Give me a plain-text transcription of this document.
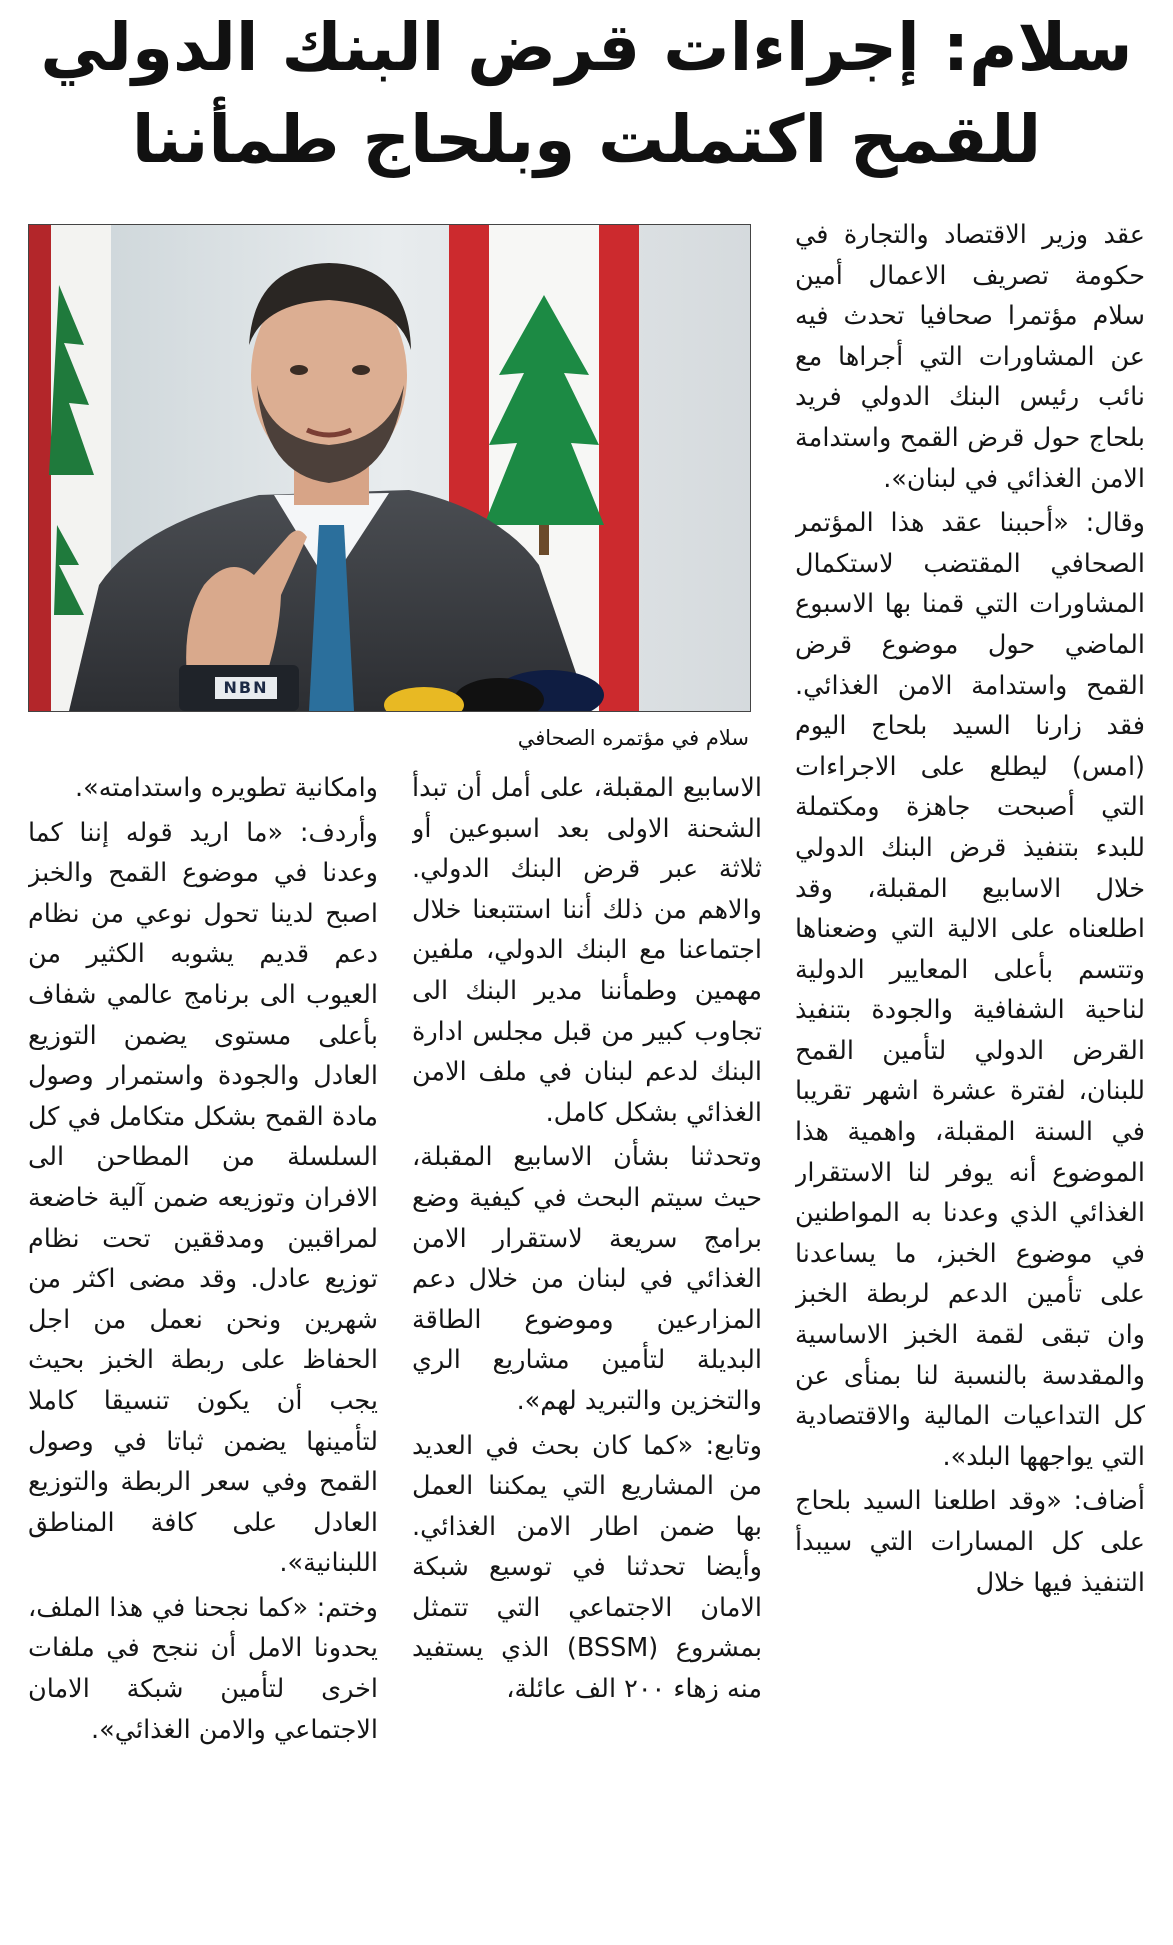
سلام: إجراءات قرض البنك الدولي
للقمح اكتملت وبلحاج طمأننا
NBN
سلام في مؤتمره الصحافي

عقد وزير الاقتصاد والتجارة في حكومة تصريف الاعمال أمين سلام مؤتمرا صحافيا تحدث فيه عن المشاورات التي أجراها مع نائب رئيس البنك الدولي فريد بلحاج حول قرض القمح واستدامة الامن الغذائي في لبنان».

وقال: «أحببنا عقد هذا المؤتمر الصحافي المقتضب لاستكمال المشاورات التي قمنا بها الاسبوع الماضي حول موضوع قرض القمح واستدامة الامن الغذائي. فقد زارنا السيد بلحاج اليوم (امس) ليطلع على الاجراءات التي أصبحت جاهزة ومكتملة للبدء بتنفيذ قرض البنك الدولي خلال الاسابيع المقبلة، وقد اطلعناه على الالية التي وضعناها وتتسم بأعلى المعايير الدولية لناحية الشفافية والجودة بتنفيذ القرض الدولي لتأمين القمح للبنان، لفترة عشرة اشهر تقريبا في السنة المقبلة، واهمية هذا الموضوع أنه يوفر لنا الاستقرار الغذائي الذي وعدنا به المواطنين في موضوع الخبز، ما يساعدنا على تأمين الدعم لربطة الخبز وان تبقى لقمة الخبز الاساسية والمقدسة بالنسبة لنا بمنأى عن كل التداعيات المالية والاقتصادية التي يواجهها البلد».

أضاف: «وقد اطلعنا السيد بلحاج على كل المسارات التي سيبدأ التنفيذ فيها خلال

الاسابيع المقبلة، على أمل أن تبدأ الشحنة الاولى بعد اسبوعين أو ثلاثة عبر قرض البنك الدولي. والاهم من ذلك أننا استتبعنا خلال اجتماعنا مع البنك الدولي، ملفين مهمين وطمأننا مدير البنك الى تجاوب كبير من قبل مجلس ادارة البنك لدعم لبنان في ملف الامن الغذائي بشكل كامل.

وتحدثنا بشأن الاسابيع المقبلة، حيث سيتم البحث في كيفية وضع برامج سريعة لاستقرار الامن الغذائي في لبنان من خلال دعم المزارعين وموضوع الطاقة البديلة لتأمين مشاريع الري والتخزين والتبريد لهم».

وتابع: «كما كان بحث في العديد من المشاريع التي يمكننا العمل بها ضمن اطار الامن الغذائي. وأيضا تحدثنا في توسيع شبكة الامان الاجتماعي التي تتمثل بمشروع (BSSM) الذي يستفيد منه زهاء ٢٠٠ الف عائلة،

وامكانية تطويره واستدامته».

وأردف: «ما اريد قوله إننا كما وعدنا في موضوع القمح والخبز اصبح لدينا تحول نوعي من نظام دعم قديم يشوبه الكثير من العيوب الى برنامج عالمي شفاف بأعلى مستوى يضمن التوزيع العادل والجودة واستمرار وصول مادة القمح بشكل متكامل في كل السلسلة من المطاحن الى الافران وتوزيعه ضمن آلية خاضعة لمراقبين ومدققين تحت نظام توزيع عادل. وقد مضى اكثر من شهرين ونحن نعمل من اجل الحفاظ على ربطة الخبز بحيث يجب أن يكون تنسيقا كاملا لتأمينها يضمن ثباتا في وصول القمح وفي سعر الربطة والتوزيع العادل على كافة المناطق اللبنانية».

وختم: «كما نجحنا في هذا الملف، يحدونا الامل أن ننجح في ملفات اخرى لتأمين شبكة الامان الاجتماعي والامن الغذائي».
